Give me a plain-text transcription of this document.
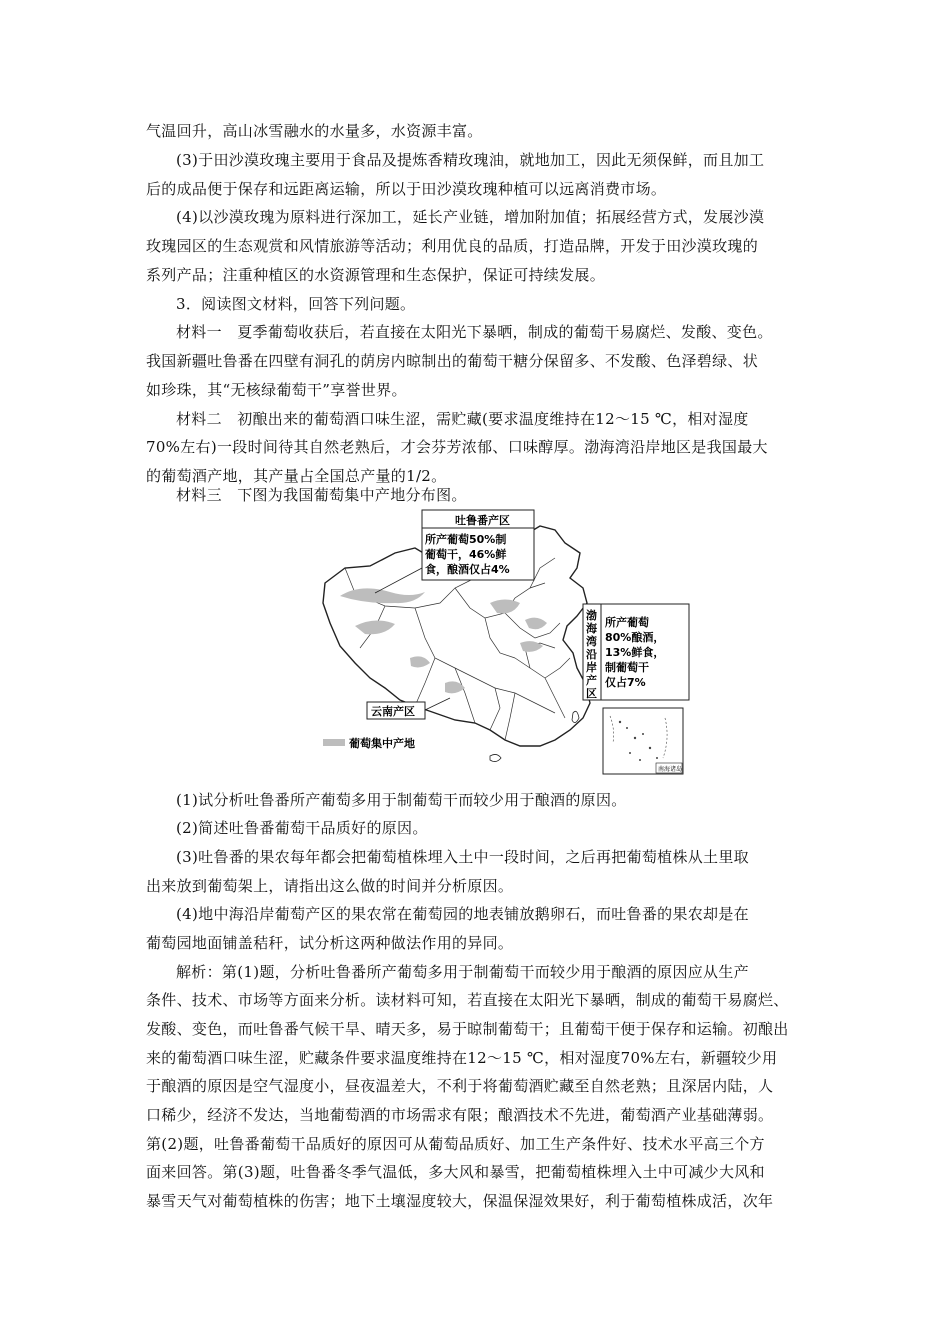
气温回升，高山冰雪融水的水量多，水资源丰富。
(3)于田沙漠玫瑰主要用于食品及提炼香精玫瑰油，就地加工，因此无须保鲜，而且加工
后的成品便于保存和远距离运输，所以于田沙漠玫瑰种植可以远离消费市场。
(4)以沙漠玫瑰为原料进行深加工，延长产业链，增加附加值；拓展经营方式，发展沙漠
玫瑰园区的生态观赏和风情旅游等活动；利用优良的品质，打造品牌，开发于田沙漠玫瑰的
系列产品；注重种植区的水资源管理和生态保护，保证可持续发展。
3．阅读图文材料，回答下列问题。
材料一　夏季葡萄收获后，若直接在太阳光下暴晒，制成的葡萄干易腐烂、发酸、变色。
我国新疆吐鲁番在四壁有洞孔的荫房内晾制出的葡萄干糖分保留多、不发酸、色泽碧绿、状
如珍珠，其“无核绿葡萄干”享誉世界。
材料二　初酿出来的葡萄酒口味生涩，需贮藏(要求温度维持在12～15 ℃，相对湿度
70%左右)一段时间待其自然老熟后，才会芬芳浓郁、口味醇厚。渤海湾沿岸地区是我国最大
的葡萄酒产地，其产量占全国总产量的1/2。
材料三　下图为我国葡萄集中产地分布图。
吐鲁番产区
所产葡萄50%制
葡萄干，46%鲜
食，酿酒仅占4%
渤
海
湾
沿
岸
产
区
所产葡萄
80%酿酒，
13%鲜食，
制葡萄干
仅占7%
云南产区
葡萄集中产地
南海诸岛
(1)试分析吐鲁番所产葡萄多用于制葡萄干而较少用于酿酒的原因。
(2)简述吐鲁番葡萄干品质好的原因。
(3)吐鲁番的果农每年都会把葡萄植株埋入土中一段时间，之后再把葡萄植株从土里取
出来放到葡萄架上，请指出这么做的时间并分析原因。
(4)地中海沿岸葡萄产区的果农常在葡萄园的地表铺放鹅卵石，而吐鲁番的果农却是在
葡萄园地面铺盖秸秆，试分析这两种做法作用的异同。
解析：第(1)题，分析吐鲁番所产葡萄多用于制葡萄干而较少用于酿酒的原因应从生产
条件、技术、市场等方面来分析。读材料可知，若直接在太阳光下暴晒，制成的葡萄干易腐烂、
发酸、变色，而吐鲁番气候干旱、晴天多，易于晾制葡萄干；且葡萄干便于保存和运输。初酿出
来的葡萄酒口味生涩，贮藏条件要求温度维持在12～15 ℃，相对湿度70%左右，新疆较少用
于酿酒的原因是空气湿度小，昼夜温差大，不利于将葡萄酒贮藏至自然老熟；且深居内陆，人
口稀少，经济不发达，当地葡萄酒的市场需求有限；酿酒技术不先进，葡萄酒产业基础薄弱。
第(2)题，吐鲁番葡萄干品质好的原因可从葡萄品质好、加工生产条件好、技术水平高三个方
面来回答。第(3)题，吐鲁番冬季气温低，多大风和暴雪，把葡萄植株埋入土中可减少大风和
暴雪天气对葡萄植株的伤害；地下土壤湿度较大，保温保湿效果好，利于葡萄植株成活，次年
